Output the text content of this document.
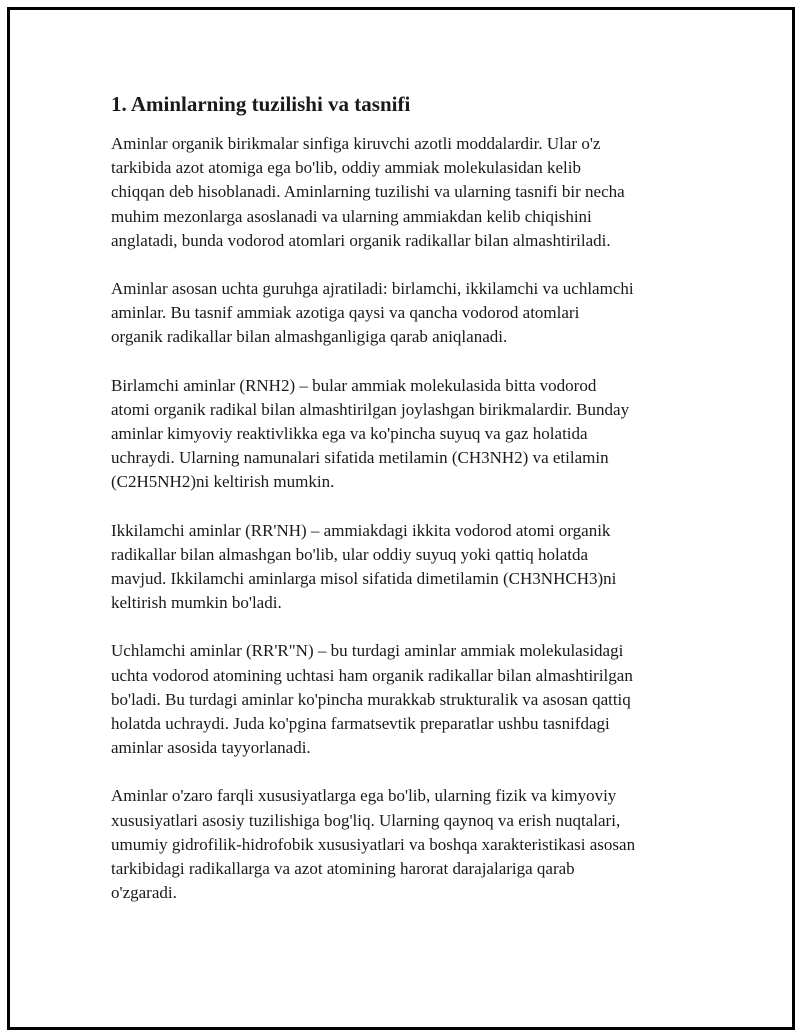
1. Aminlarning tuzilishi va tasnifi

Aminlar organik birikmalar sinfiga kiruvchi azotli moddalardir. Ular o'z
tarkibida azot atomiga ega bo'lib, oddiy ammiak molekulasidan kelib
chiqqan deb hisoblanadi. Aminlarning tuzilishi va ularning tasnifi bir necha
muhim mezonlarga asoslanadi va ularning ammiakdan kelib chiqishini
anglatadi, bunda vodorod atomlari organik radikallar bilan almashtiriladi.

Aminlar asosan uchta guruhga ajratiladi: birlamchi, ikkilamchi va uchlamchi
aminlar. Bu tasnif ammiak azotiga qaysi va qancha vodorod atomlari
organik radikallar bilan almashganligiga qarab aniqlanadi.

Birlamchi aminlar (RNH2) – bular ammiak molekulasida bitta vodorod
atomi organik radikal bilan almashtirilgan joylashgan birikmalardir. Bunday
aminlar kimyoviy reaktivlikka ega va ko'pincha suyuq va gaz holatida
uchraydi. Ularning namunalari sifatida metilamin (CH3NH2) va etilamin
(C2H5NH2)ni keltirish mumkin.

Ikkilamchi aminlar (RR'NH) – ammiakdagi ikkita vodorod atomi organik
radikallar bilan almashgan bo'lib, ular oddiy suyuq yoki qattiq holatda
mavjud. Ikkilamchi aminlarga misol sifatida dimetilamin (CH3NHCH3)ni
keltirish mumkin bo'ladi.

Uchlamchi aminlar (RR'R"N) – bu turdagi aminlar ammiak molekulasidagi
uchta vodorod atomining uchtasi ham organik radikallar bilan almashtirilgan
bo'ladi. Bu turdagi aminlar ko'pincha murakkab strukturalik va asosan qattiq
holatda uchraydi. Juda ko'pgina farmatsevtik preparatlar ushbu tasnifdagi
aminlar asosida tayyorlanadi.

Aminlar o'zaro farqli xususiyatlarga ega bo'lib, ularning fizik va kimyoviy
xususiyatlari asosiy tuzilishiga bog'liq. Ularning qaynoq va erish nuqtalari,
umumiy gidrofilik-hidrofobik xususiyatlari va boshqa xarakteristikasi asosan
tarkibidagi radikallarga va azot atomining harorat darajalariga qarab
o'zgaradi.
